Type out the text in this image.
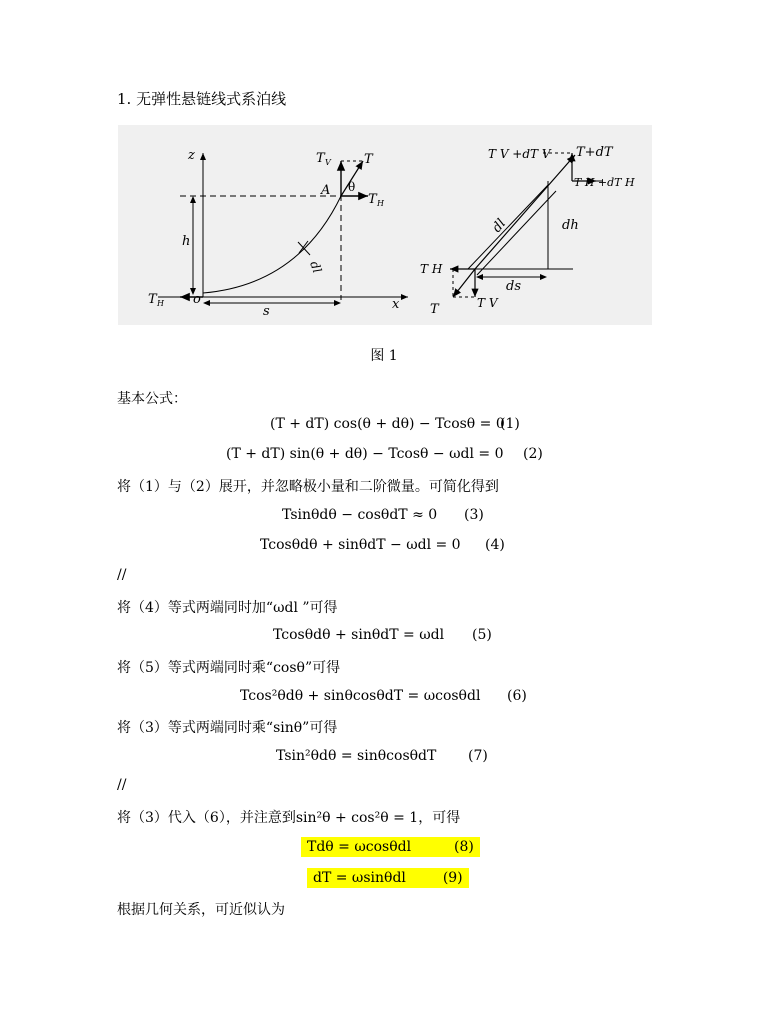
1. 无弹性悬链线式系泊线
z
x
o
h
s
A θ
dl
T V	T
T H
T H
T V +dT V T+dT
T H +dT H
dl	dh
ds
T H
T V
T
图 1
基本公式：
(T + dT) cos(θ + dθ) − Tcosθ = 0
(1)
(T + dT) sin(θ + dθ) − Tcosθ − ωdl = 0 (2)
将（1）与（2）展开，并忽略极小量和二阶微量。可简化得到
Tsinθdθ − cosθdT ≈ 0 (3)
Tcosθdθ + sinθdT − ωdl = 0 (4)
//
将（4）等式两端同时加“ωdl ”可得
Tcosθdθ + sinθdT = ωdl (5)
将（5）等式两端同时乘“cosθ”可得
Tcos²θdθ + sinθcosθdT = ωcosθdl (6)
将（3）等式两端同时乘“sinθ”可得
Tsin²θdθ = sinθcosθdT (7)
//
将（3）代入（6），并注意到sin²θ + cos²θ = 1，可得
Tdθ = ωcosθdl	(8)
dT = ωsinθdl	(9)
根据几何关系，可近似认为
